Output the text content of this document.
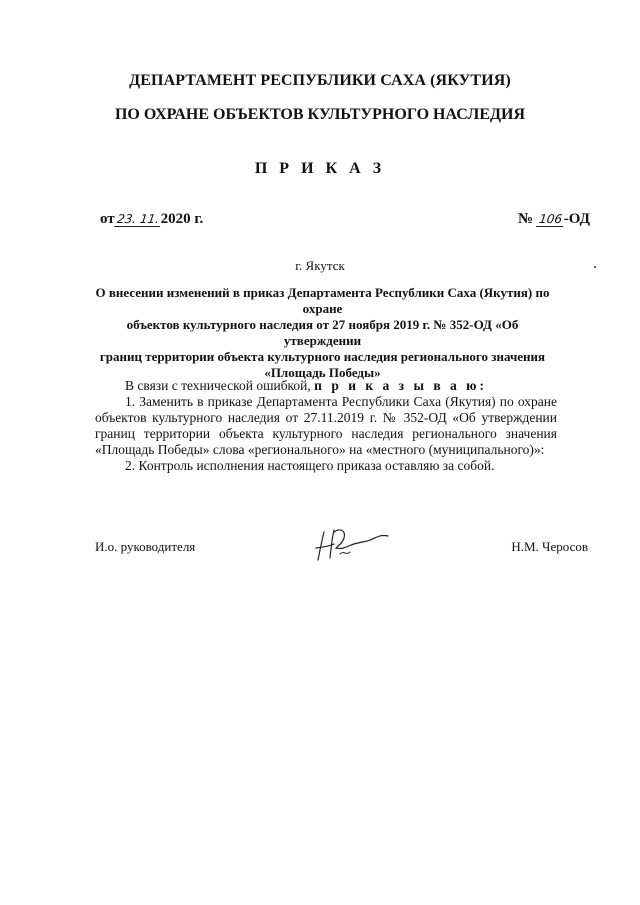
ДЕПАРТАМЕНТ РЕСПУБЛИКИ САХА (ЯКУТИЯ)
ПО ОХРАНЕ ОБЪЕКТОВ КУЛЬТУРНОГО НАСЛЕДИЯ
П Р И К А З
от23. 11.2020 г.	№ 106-ОД
г. Якутск
О внесении изменений в приказ Департамента Республики Саха (Якутия) по охране
объектов культурного наследия от 27 ноября 2019 г. № 352-ОД «Об утверждении
границ территории объекта культурного наследия регионального значения
«Площадь Победы»

В связи с технической ошибкой, п р и к а з ы в а ю:

1. Заменить в приказе Департамента Республики Саха (Якутия) по охране объектов культурного наследия от 27.11.2019 г. № 352-ОД «Об утверждении границ территории объекта культурного наследия регионального значения «Площадь Победы» слова «регионального» на «местного (муниципального)»:

2. Контроль исполнения настоящего приказа оставляю за собой.

И.о. руководителя	Н.М. Черосов
